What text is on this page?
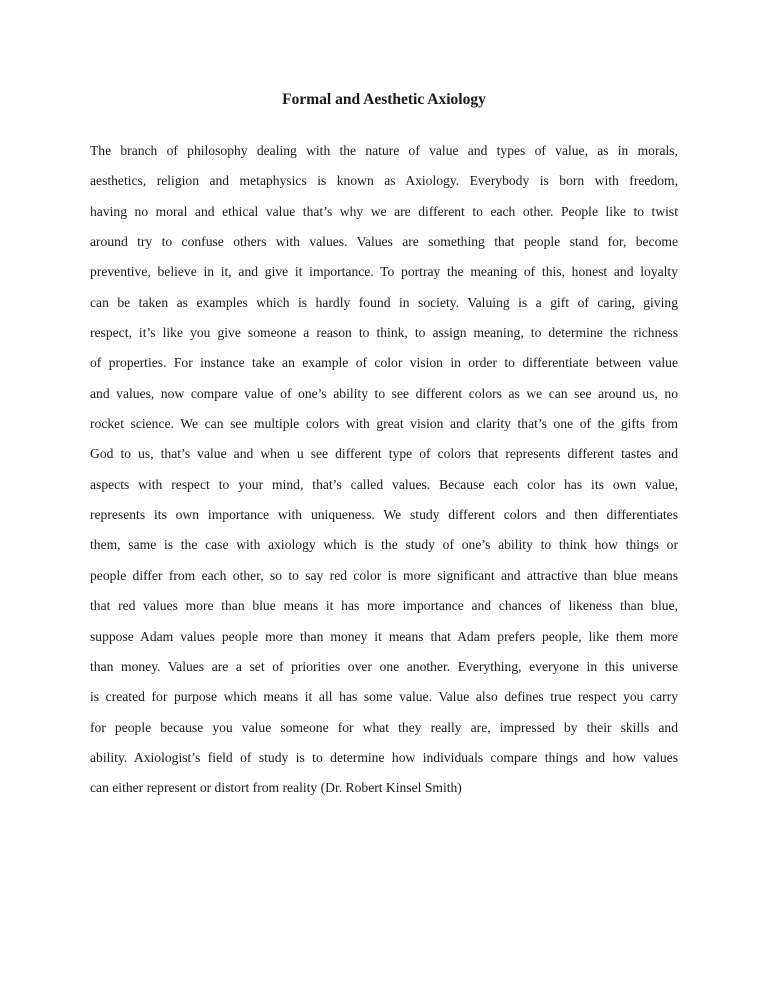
Formal and Aesthetic Axiology
The branch of philosophy dealing with the nature of value and types of value, as in morals,
aesthetics, religion and metaphysics is known as Axiology. Everybody is born with freedom,
having no moral and ethical value that’s why we are different to each other. People like to twist
around try to confuse others with values. Values are something that people stand for, become
preventive, believe in it, and give it importance. To portray the meaning of this, honest and loyalty
can be taken as examples which is hardly found in society. Valuing is a gift of caring, giving
respect, it’s like you give someone a reason to think, to assign meaning, to determine the richness
of properties. For instance take an example of color vision in order to differentiate between value
and values, now compare value of one’s ability to see different colors as we can see around us, no
rocket science. We can see multiple colors with great vision and clarity that’s one of the gifts from
God to us, that’s value and when u see different type of colors that represents different tastes and
aspects with respect to your mind, that’s called values. Because each color has its own value,
represents its own importance with uniqueness. We study different colors and then differentiates
them, same is the case with axiology which is the study of one’s ability to think how things or
people differ from each other, so to say red color is more significant and attractive than blue means
that red values more than blue means it has more importance and chances of likeness than blue,
suppose Adam values people more than money it means that Adam prefers people, like them more
than money. Values are a set of priorities over one another. Everything, everyone in this universe
is created for purpose which means it all has some value. Value also defines true respect you carry
for people because you value someone for what they really are, impressed by their skills and
ability. Axiologist’s field of study is to determine how individuals compare things and how values
can either represent or distort from reality (Dr. Robert Kinsel Smith)
